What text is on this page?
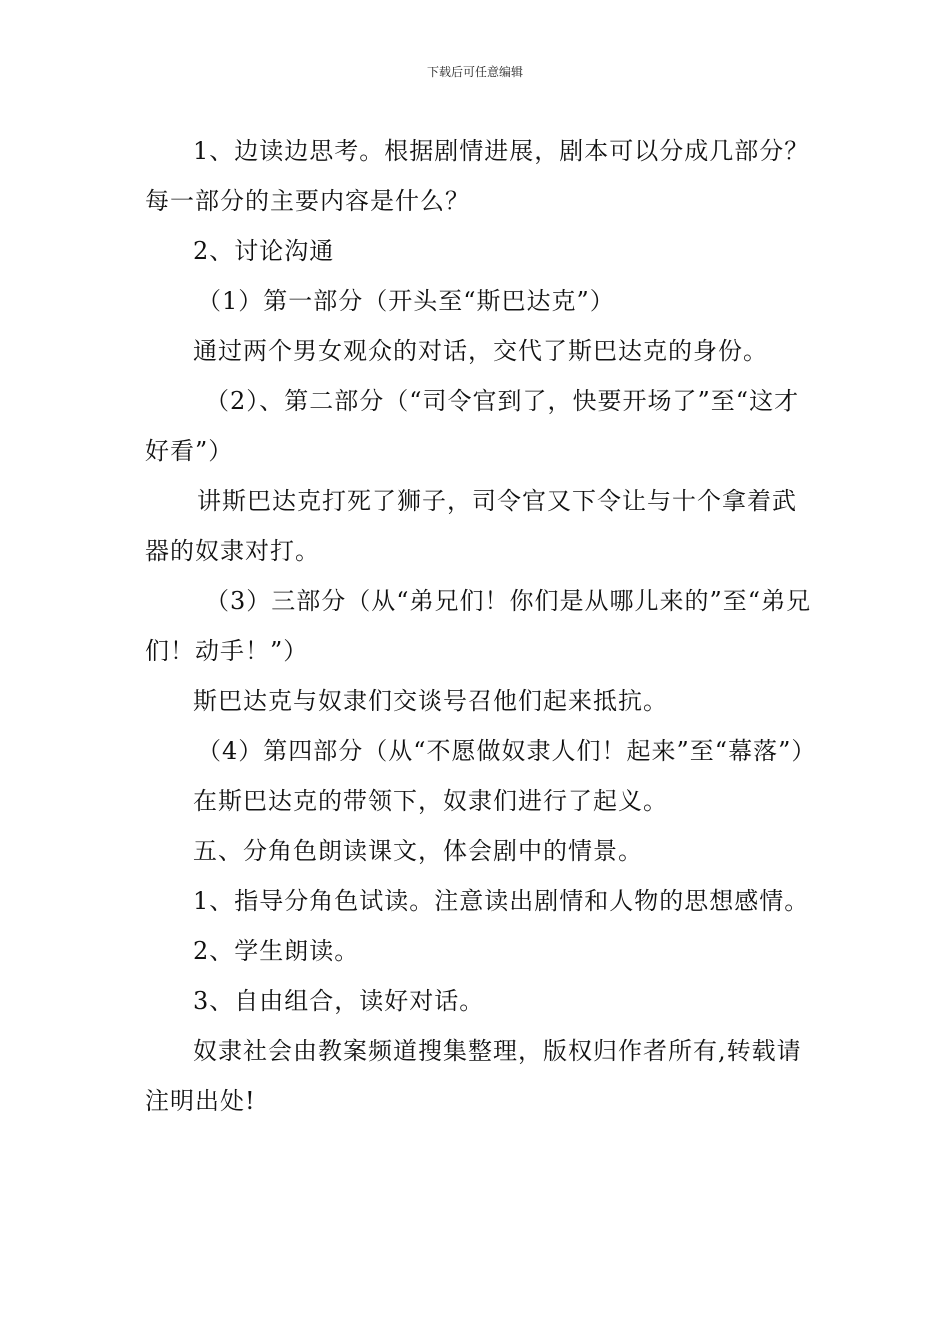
下载后可任意编辑

1、边读边思考。根据剧情进展，剧本可以分成几部分？每一部分的主要内容是什么？

2、讨论沟通

（1）第一部分（开头至“斯巴达克”）

通过两个男女观众的对话，交代了斯巴达克的身份。

（2）、第二部分（“司令官到了，快要开场了”至“这才好看”）

讲斯巴达克打死了狮子，司令官又下令让与十个拿着武器的奴隶对打。

（3）三部分（从“弟兄们！你们是从哪儿来的”至“弟兄们！动手！”）

斯巴达克与奴隶们交谈号召他们起来抵抗。

（4）第四部分（从“不愿做奴隶人们！起来”至“幕落”）

在斯巴达克的带领下，奴隶们进行了起义。

五、分角色朗读课文，体会剧中的情景。

1、指导分角色试读。注意读出剧情和人物的思想感情。

2、学生朗读。

3、自由组合，读好对话。

奴隶社会由教案频道搜集整理，版权归作者所有,转载请注明出处!
